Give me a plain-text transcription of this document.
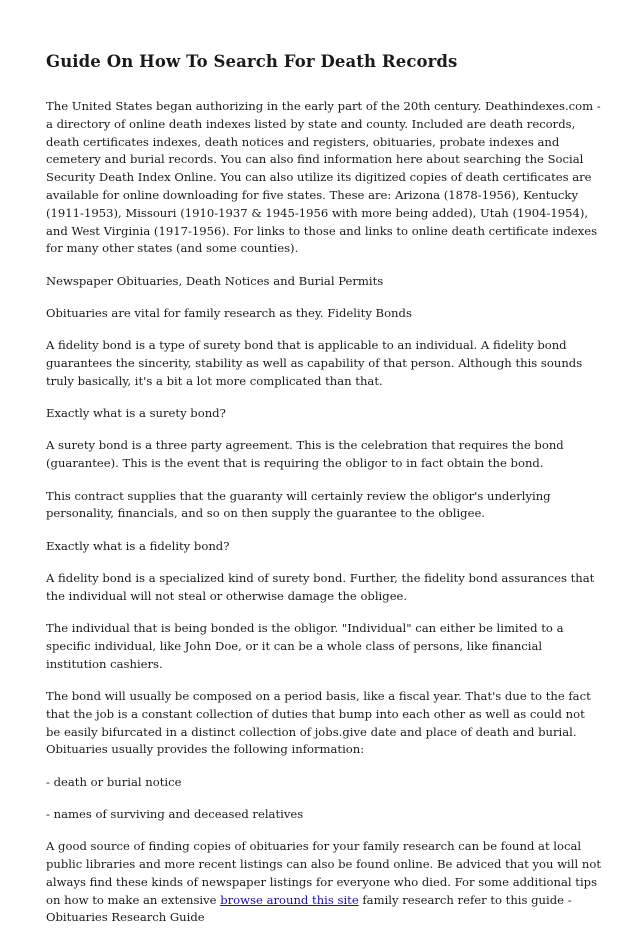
Guide On How To Search For Death Records

The United States began authorizing in the early part of the 20th century. Deathindexes.com - a directory of online death indexes listed by state and county. Included are death records, death certificates indexes, death notices and registers, obituaries, probate indexes and cemetery and burial records. You can also find information here about searching the Social Security Death Index Online. You can also utilize its digitized copies of death certificates are available for online downloading for five states. These are: Arizona (1878-1956), Kentucky (1911-1953), Missouri (1910-1937 & 1945-1956 with more being added), Utah (1904-1954), and West Virginia (1917-1956). For links to those and links to online death certificate indexes for many other states (and some counties).

Newspaper Obituaries, Death Notices and Burial Permits

Obituaries are vital for family research as they. Fidelity Bonds

A fidelity bond is a type of surety bond that is applicable to an individual. A fidelity bond guarantees the sincerity, stability as well as capability of that person. Although this sounds truly basically, it's a bit a lot more complicated than that.

Exactly what is a surety bond?

A surety bond is a three party agreement. This is the celebration that requires the bond (guarantee). This is the event that is requiring the obligor to in fact obtain the bond.

This contract supplies that the guaranty will certainly review the obligor's underlying personality, financials, and so on then supply the guarantee to the obligee.

Exactly what is a fidelity bond?

A fidelity bond is a specialized kind of surety bond. Further, the fidelity bond assurances that the individual will not steal or otherwise damage the obligee.

The individual that is being bonded is the obligor. "Individual" can either be limited to a specific individual, like John Doe, or it can be a whole class of persons, like financial institution cashiers.

The bond will usually be composed on a period basis, like a fiscal year. That's due to the fact that the job is a constant collection of duties that bump into each other as well as could not be easily bifurcated in a distinct collection of jobs.give date and place of death and burial. Obituaries usually provides the following information:

- death or burial notice

- names of surviving and deceased relatives

A good source of finding copies of obituaries for your family research can be found at local public libraries and more recent listings can also be found online. Be adviced that you will not always find these kinds of newspaper listings for everyone who died. For some additional tips on how to make an extensive browse around this site family research refer to this guide - Obituaries Research Guide
